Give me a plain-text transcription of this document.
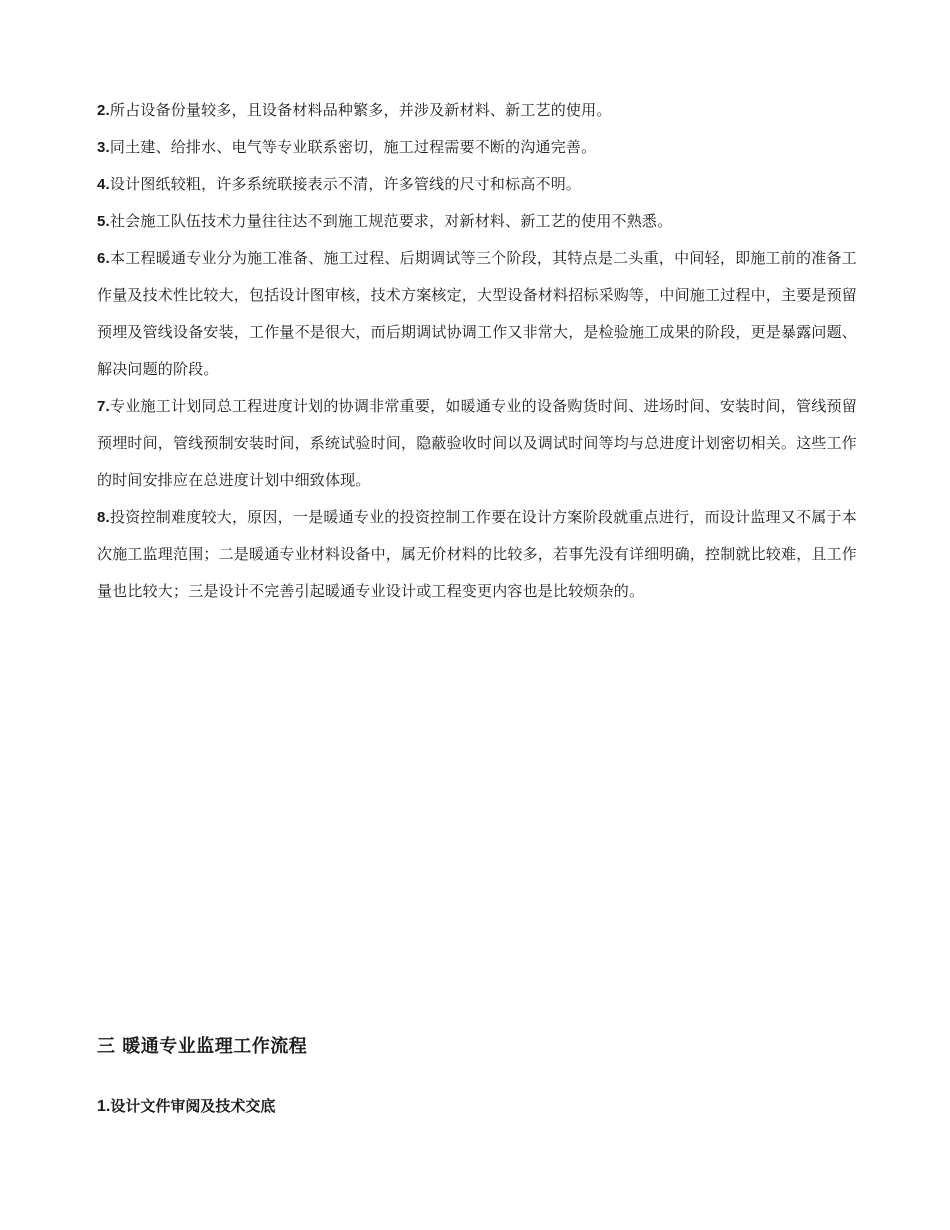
2.所占设备份量较多，且设备材料品种繁多，并涉及新材料、新工艺的使用。

3.同土建、给排水、电气等专业联系密切，施工过程需要不断的沟通完善。

4.设计图纸较粗，许多系统联接表示不清，许多管线的尺寸和标高不明。

5.社会施工队伍技术力量往往达不到施工规范要求，对新材料、新工艺的使用不熟悉。

6.本工程暖通专业分为施工准备、施工过程、后期调试等三个阶段，其特点是二头重，中间轻，即施工前的准备工作量及技术性比较大，包括设计图审核，技术方案核定，大型设备材料招标采购等，中间施工过程中，主要是预留预埋及管线设备安装，工作量不是很大，而后期调试协调工作又非常大，是检验施工成果的阶段，更是暴露问题、解决问题的阶段。

7.专业施工计划同总工程进度计划的协调非常重要，如暖通专业的设备购货时间、进场时间、安装时间，管线预留预埋时间，管线预制安装时间，系统试验时间，隐蔽验收时间以及调试时间等均与总进度计划密切相关。这些工作的时间安排应在总进度计划中细致体现。

8.投资控制难度较大，原因，一是暖通专业的投资控制工作要在设计方案阶段就重点进行，而设计监理又不属于本次施工监理范围；二是暖通专业材料设备中，属无价材料的比较多，若事先没有详细明确，控制就比较难，且工作量也比较大；三是设计不完善引起暖通专业设计或工程变更内容也是比较烦杂的。

三 暖通专业监理工作流程
1.设计文件审阅及技术交底
